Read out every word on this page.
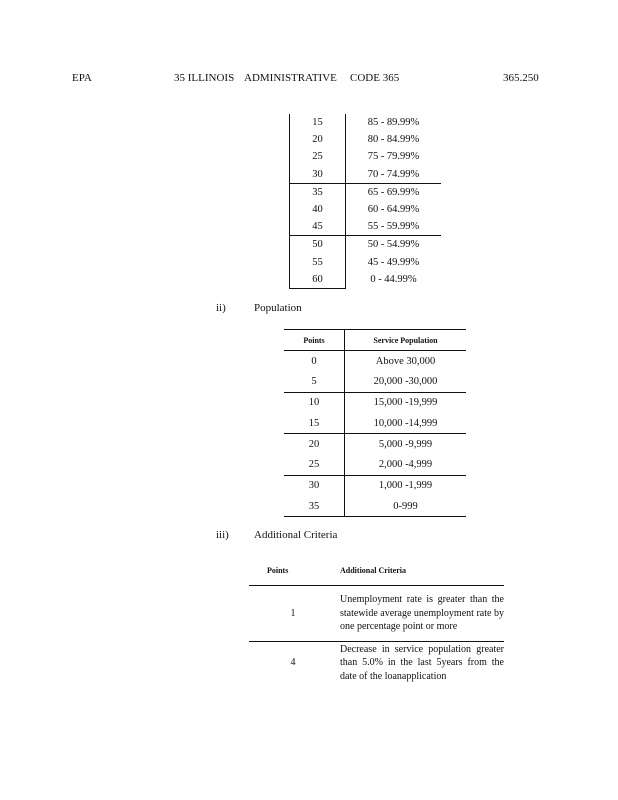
EPA	35 ILLINOIS ADMINISTRATIVE CODE 365	365.250
15	85 - 89.99%
20	80 - 84.99%
25	75 - 79.99%
30	70 - 74.99%
35	65 - 69.99%
40	60 - 64.99%
45	55 - 59.99%
50	50 - 54.99%
55	45 - 49.99%
60	0 - 44.99%
ii)	Population
Points	Service Population
0	Above 30,000
5	20,000 -30,000
10	15,000 -19,999
15	10,000 -14,999
20	5,000 -9,999
25	2,000 -4,999
30	1,000 -1,999
35	0-999
iii) Additional Criteria
Points	Additional Criteria
1	Unemployment rate is greater than the statewide average unemployment rate by one percentage point or more
4	Decrease in service population greater than 5.0% in the last 5years from the date of the loanapplication
